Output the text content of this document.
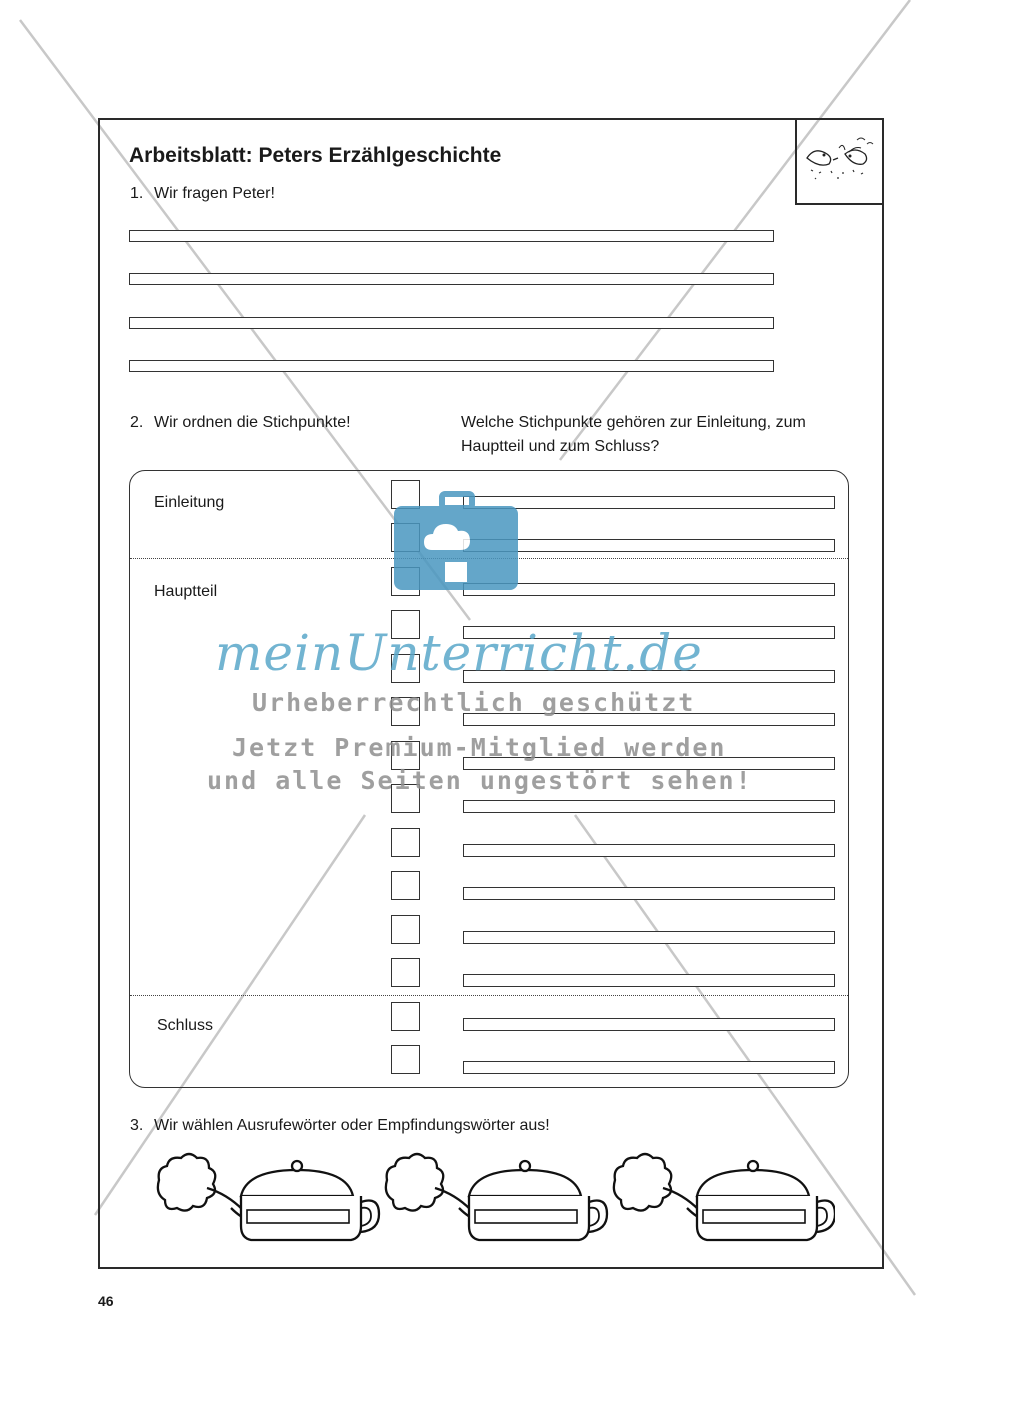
Arbeitsblatt: Peters Erzählgeschichte
1. Wir fragen Peter!
2. Wir ordnen die Stichpunkte!	Welche Stichpunkte gehören zur Einleitung, zum
Hauptteil und zum Schluss?
Einleitung
Hauptteil
Schluss
3. Wir wählen Ausrufewörter oder Empfindungswörter aus!
46
meinUnterricht.de
Urheberrechtlich geschützt
Jetzt Premium-Mitglied werden
und alle Seiten ungestört sehen!
